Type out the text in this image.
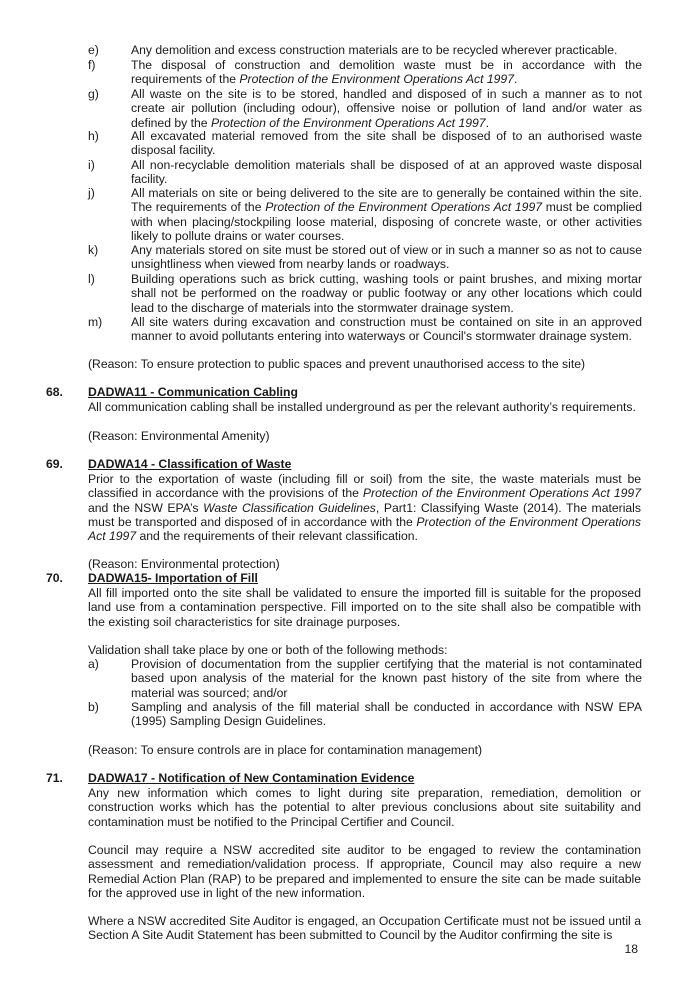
e)	Any demolition and excess construction materials are to be recycled wherever practicable.
f)	The disposal of construction and demolition waste must be in accordance with the requirements of the Protection of the Environment Operations Act 1997.
g)	All waste on the site is to be stored, handled and disposed of in such a manner as to not create air pollution (including odour), offensive noise or pollution of land and/or water as defined by the Protection of the Environment Operations Act 1997.
h)	All excavated material removed from the site shall be disposed of to an authorised waste disposal facility.
i)	All non-recyclable demolition materials shall be disposed of at an approved waste disposal facility.
j)	All materials on site or being delivered to the site are to generally be contained within the site. The requirements of the Protection of the Environment Operations Act 1997 must be complied with when placing/stockpiling loose material, disposing of concrete waste, or other activities likely to pollute drains or water courses.
k)	Any materials stored on site must be stored out of view or in such a manner so as not to cause unsightliness when viewed from nearby lands or roadways.
l)	Building operations such as brick cutting, washing tools or paint brushes, and mixing mortar shall not be performed on the roadway or public footway or any other locations which could lead to the discharge of materials into the stormwater drainage system.
m) All site waters during excavation and construction must be contained on site in an approved manner to avoid pollutants entering into waterways or Council's stormwater drainage system.
(Reason: To ensure protection to public spaces and prevent unauthorised access to the site)
68. DADWA11 - Communication Cabling
All communication cabling shall be installed underground as per the relevant authority’s requirements.
(Reason: Environmental Amenity)
69. DADWA14 - Classification of Waste
Prior to the exportation of waste (including fill or soil) from the site, the waste materials must be classified in accordance with the provisions of the Protection of the Environment Operations Act 1997 and the NSW EPA’s Waste Classification Guidelines, Part1: Classifying Waste (2014). The materials must be transported and disposed of in accordance with the Protection of the Environment Operations Act 1997 and the requirements of their relevant classification.
(Reason: Environmental protection)
70. DADWA15- Importation of Fill
All fill imported onto the site shall be validated to ensure the imported fill is suitable for the proposed land use from a contamination perspective. Fill imported on to the site shall also be compatible with the existing soil characteristics for site drainage purposes.
Validation shall take place by one or both of the following methods:
a)	Provision of documentation from the supplier certifying that the material is not contaminated based upon analysis of the material for the known past history of the site from where the material was sourced; and/or
b)	Sampling and analysis of the fill material shall be conducted in accordance with NSW EPA (1995) Sampling Design Guidelines.
(Reason: To ensure controls are in place for contamination management)
71. DADWA17 - Notification of New Contamination Evidence
Any new information which comes to light during site preparation, remediation, demolition or construction works which has the potential to alter previous conclusions about site suitability and contamination must be notified to the Principal Certifier and Council.
Council may require a NSW accredited site auditor to be engaged to review the contamination assessment and remediation/validation process. If appropriate, Council may also require a new Remedial Action Plan (RAP) to be prepared and implemented to ensure the site can be made suitable for the approved use in light of the new information.
Where a NSW accredited Site Auditor is engaged, an Occupation Certificate must not be issued until a Section A Site Audit Statement has been submitted to Council by the Auditor confirming the site is
18
